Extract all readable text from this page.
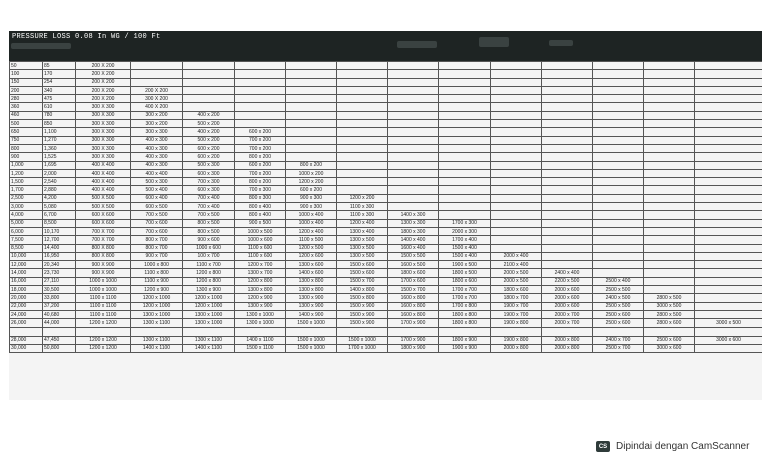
PRESSURE LOSS 0.08 In WG / 100 Ft
50	85	200 X 200												
100	170	200 X 200												
150	254	200 X 200												
200	340	200 X 200	200 X 200											
280	475	200 X 200	300 X 200											
360	610	300 X 300	400 X 200											
460	780	300 X 300	300 x 200	400 x 200										
500	850	300 X 300	300 x 200	500 x 200										
650	1,100	300 X 300	300 x 300	400 x 200	600 x 200									
750	1,270	300 X 300	400 x 300	500 x 200	700 x 200									
800	1,360	300 X 300	400 x 300	600 x 200	700 x 200									
900	1,525	300 X 300	400 x 300	600 x 200	800 x 200									
1,000	1,695	400 X 400	400 x 300	500 x 300	600 x 200	800 x 200								
1,200	2,000	400 X 400	400 x 400	600 x 300	700 x 200	1000 x 200								
1,500	2,540	400 X 400	500 x 300	700 x 300	800 x 200	1200 x 200								
1,700	2,880	400 X 400	500 x 400	600 x 300	700 x 300	600 x 200								
2,500	4,200	500 X 500	600 x 400	700 x 400	800 x 300	900 x 300	1200 x 200							
3,000	5,080	500 X 500	600 x 500	700 x 400	800 x 400	900 x 300	1100 x 300							
4,000	6,700	600 X 600	700 x 500	700 x 500	800 x 400	1000 x 400	1100 x 300	1400 x 300						
5,000	8,500	600 X 600	700 x 600	800 x 500	900 x 500	1000 x 400	1200 x 400	1300 x 300	1700 x 300					
6,000	10,170	700 X 700	700 x 600	800 x 500	1000 x 500	1200 x 400	1300 x 400	1800 x 300	2000 x 300					
7,500	12,700	700 X 700	800 x 700	900 x 600	1000 x 600	1100 x 500	1300 x 500	1400 x 400	1700 x 400					
8,500	14,400	800 X 800	800 x 700	1000 x 600	1100 x 600	1200 x 500	1300 x 500	1600 x 400	1500 x 400					
10,000	16,950	800 X 800	900 x 700	100 x 700	1100 x 600	1200 x 600	1300 x 500	1500 x 500	1500 x 400	2000 x 400				
12,000	20,340	900 X 900	1000 x 800	1100 x 700	1200 x 700	1300 x 600	1500 x 600	1600 x 500	1900 x 500	2100 x 400				
14,000	23,730	900 X 900	1100 x 800	1200 x 800	1300 x 700	1400 x 600	1500 x 600	1800 x 600	1800 x 500	2000 x 500	2400 x 400			
16,000	27,110	1000 x 1000	1100 x 900	1200 x 800	1200 x 800	1300 x 800	1500 x 700	1700 x 600	1800 x 600	2000 x 500	2200 x 500	2500 x 400		
18,000	30,500	1000 x 1000	1200 x 900	1300 x 900	1300 x 800	1300 x 800	1400 x 800	1500 x 700	1700 x 700	1800 x 600	2000 x 600	2500 x 500		
20,000	33,800	1100 x 1100	1200 x 1000	1200 x 1000	1200 x 900	1300 x 900	1500 x 800	1600 x 800	1700 x 700	1800 x 700	2000 x 600	2400 x 500	2800 x 500	
22,000	37,200	1100 x 1100	1200 x 1000	1200 x 1000	1300 x 900	1300 x 900	1500 x 900	1600 x 800	1700 x 800	1900 x 700	2000 x 600	2500 x 500	3000 x 500	
24,000	40,680	1100 x 1100	1300 x 1000	1300 x 1000	1300 x 1000	1400 x 900	1500 x 900	1600 x 800	1800 x 800	1900 x 700	2000 x 700	2500 x 600	2800 x 500	
26,000	44,000	1200 x 1200	1300 x 1100	1300 x 1000	1300 x 1000	1500 x 1000	1500 x 900	1700 x 900	1800 x 800	1900 x 800	2000 x 700	2500 x 600	2800 x 600	3000 x 500

28,000	47,450	1200 x 1200	1300 x 1100	1300 x 1100	1400 x 1100	1500 x 1000	1500 x 1000	1700 x 900	1800 x 900	1900 x 800	2000 x 800	2400 x 700	2500 x 600	3000 x 600
30,000	50,800	1200 x 1200	1400 x 1100	1400 x 1100	1500 x 1100	1500 x 1000	1700 x 1000	1800 x 900	1900 x 900	2000 x 800	2000 x 800	2500 x 700	3000 x 600	
CS Dipindai dengan CamScanner
